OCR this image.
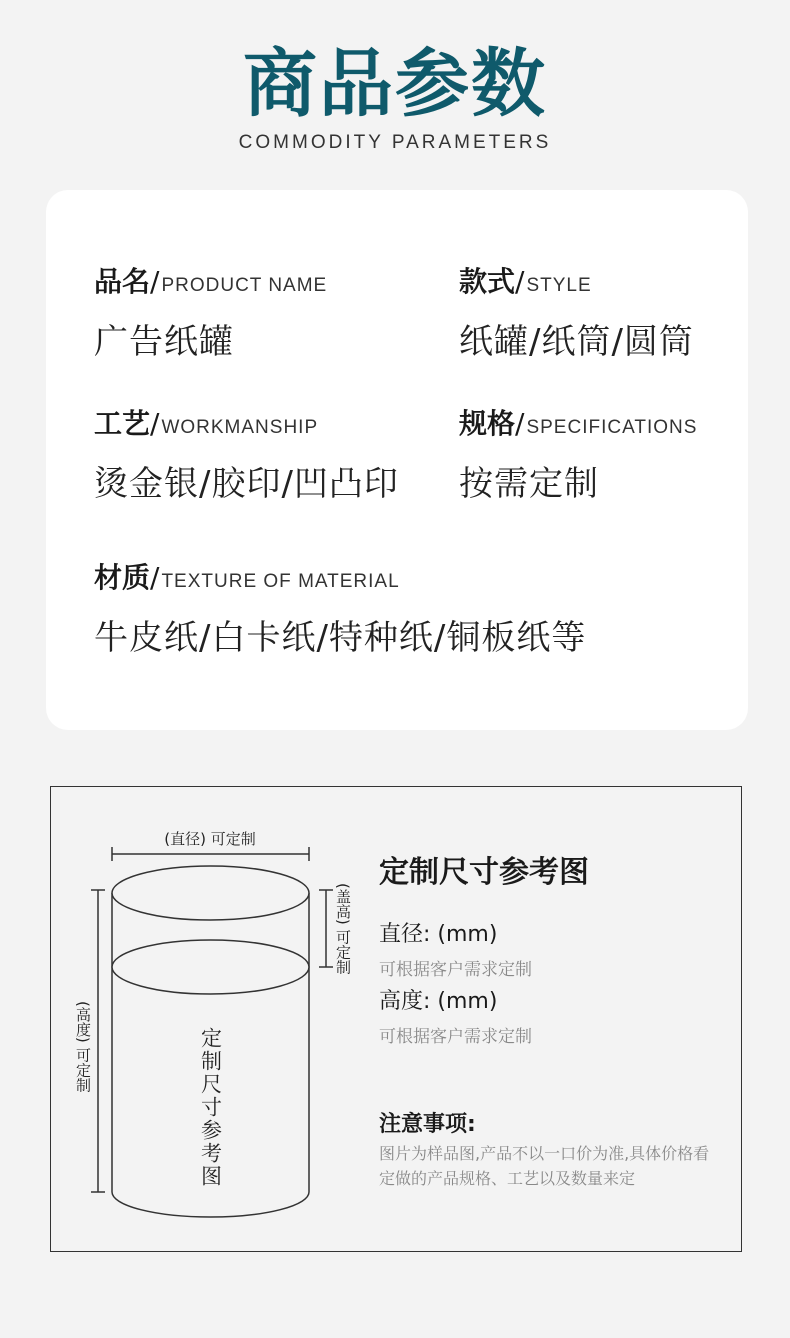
商品参数
COMMODITY PARAMETERS
品名/ PRODUCT NAME
广告纸罐
款式/ STYLE
纸罐/纸筒/圆筒
工艺/ WORKMANSHIP
烫金银/胶印/凹凸印
规格/ SPECIFICATIONS
按需定制
材质/ TEXTURE OF MATERIAL
牛皮纸/白卡纸/特种纸/铜板纸等
(直径) 可定制
(盖高) 可定制
(高度) 可定制	定制尺寸参考图
定制尺寸参考图
直径: (mm)
可根据客户需求定制
高度: (mm)
可根据客户需求定制
注意事项:
图片为样品图,产品不以一口价为准,具体价格看定做的产品规格、工艺以及数量来定
